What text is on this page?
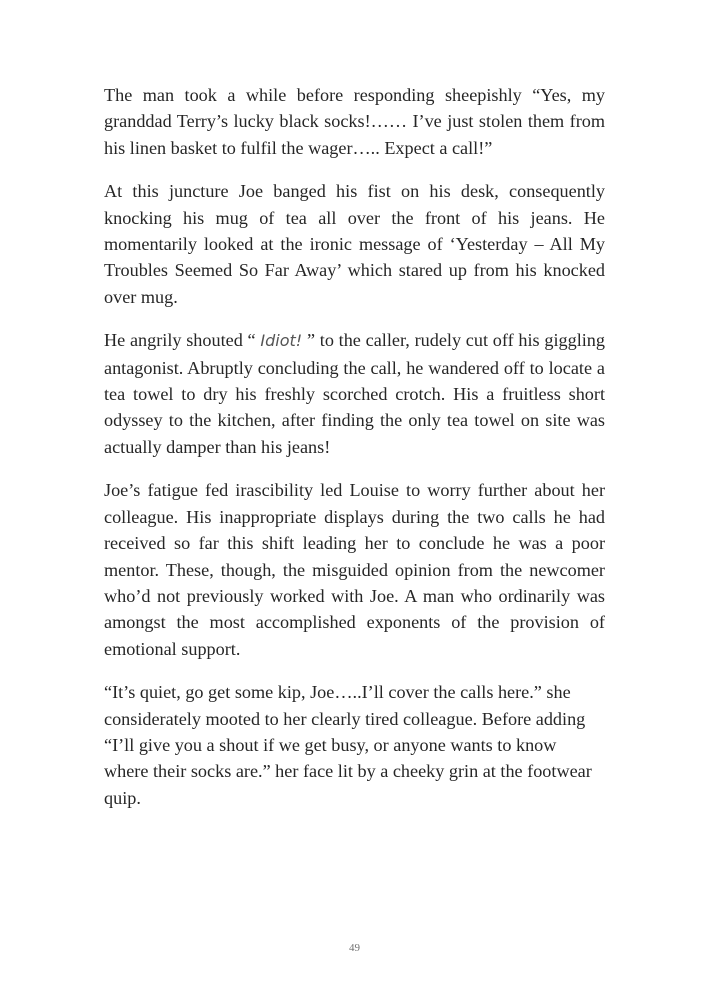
The man took a while before responding sheepishly “Yes, my granddad Terry’s lucky black socks!…… I’ve just stolen them from his linen basket to fulfil the wager….. Expect a call!”

At this juncture Joe banged his fist on his desk, consequently knocking his mug of tea all over the front of his jeans. He momentarily looked at the ironic message of ‘Yesterday – All My Troubles Seemed So Far Away’ which stared up from his knocked over mug.

He angrily shouted “ Idiot! ” to the caller, rudely cut off his giggling antagonist. Abruptly concluding the call, he wandered off to locate a tea towel to dry his freshly scorched crotch. His a fruitless short odyssey to the kitchen, after finding the only tea towel on site was actually damper than his jeans!

Joe’s fatigue fed irascibility led Louise to worry further about her colleague. His inappropriate displays during the two calls he had received so far this shift leading her to conclude he was a poor mentor. These, though, the misguided opinion from the newcomer who’d not previously worked with Joe. A man who ordinarily was amongst the most accomplished exponents of the provision of emotional support.

“It’s quiet, go get some kip, Joe…..I’ll cover the calls here.” she considerately mooted to her clearly tired colleague. Before adding “I’ll give you a shout if we get busy, or anyone wants to know where their socks are.” her face lit by a cheeky grin at the footwear quip.

49
